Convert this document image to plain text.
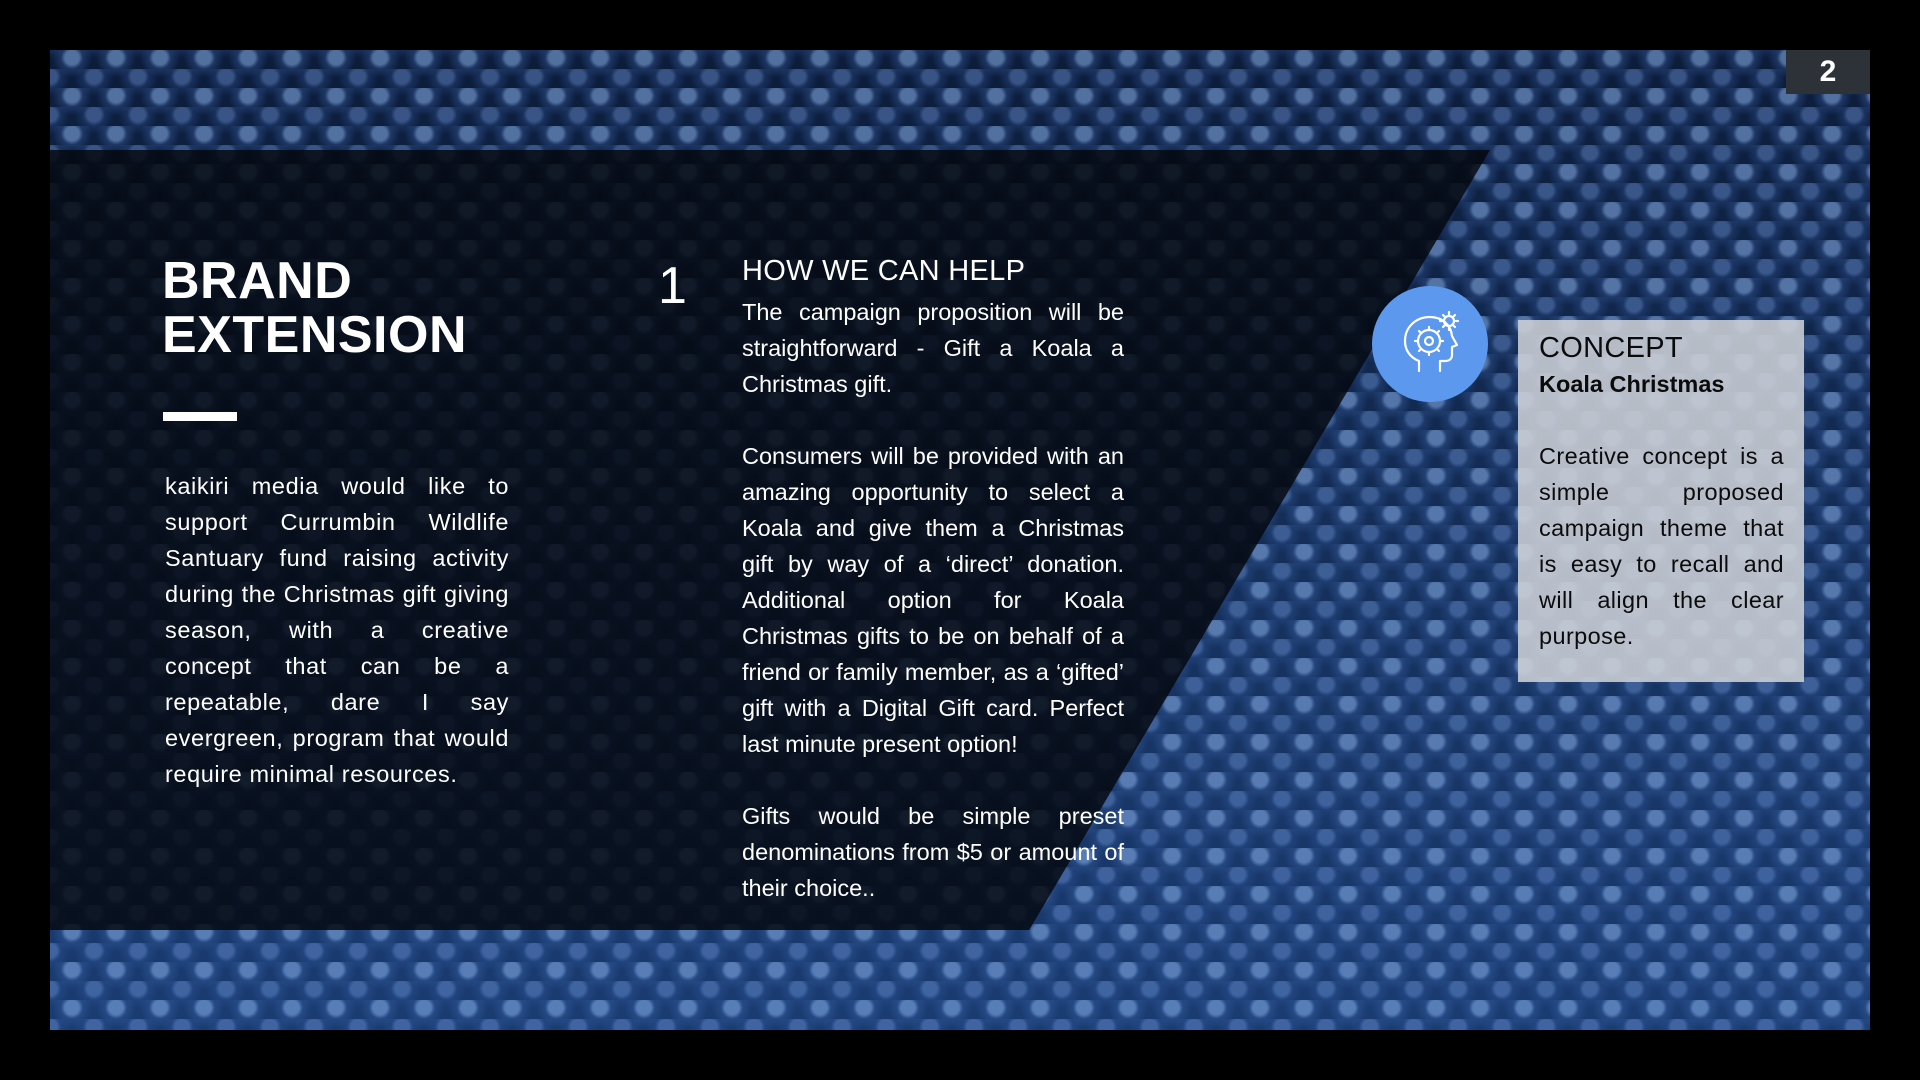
2
BRAND
EXTENSION
kaikiri media would like to support Currumbin Wildlife Santuary fund raising activity during the Christmas gift giving season, with a creative concept that can be a repeatable, dare I say evergreen, program that would require minimal resources.
1 HOW WE CAN HELP

The campaign proposition will be straightforward - Gift a Koala a Christmas gift.

Consumers will be provided with an amazing opportunity to select a Koala and give them a Christmas gift by way of a ‘direct’ donation. Additional option for Koala Christmas gifts to be on behalf of a friend or family member, as a ‘gifted’ gift with a Digital Gift card. Perfect last minute present option!

Gifts would be simple preset denominations from $5 or amount of their choice..

CONCEPT
Koala Christmas
Creative concept is a simple proposed campaign theme that is easy to recall and will align the clear purpose.
